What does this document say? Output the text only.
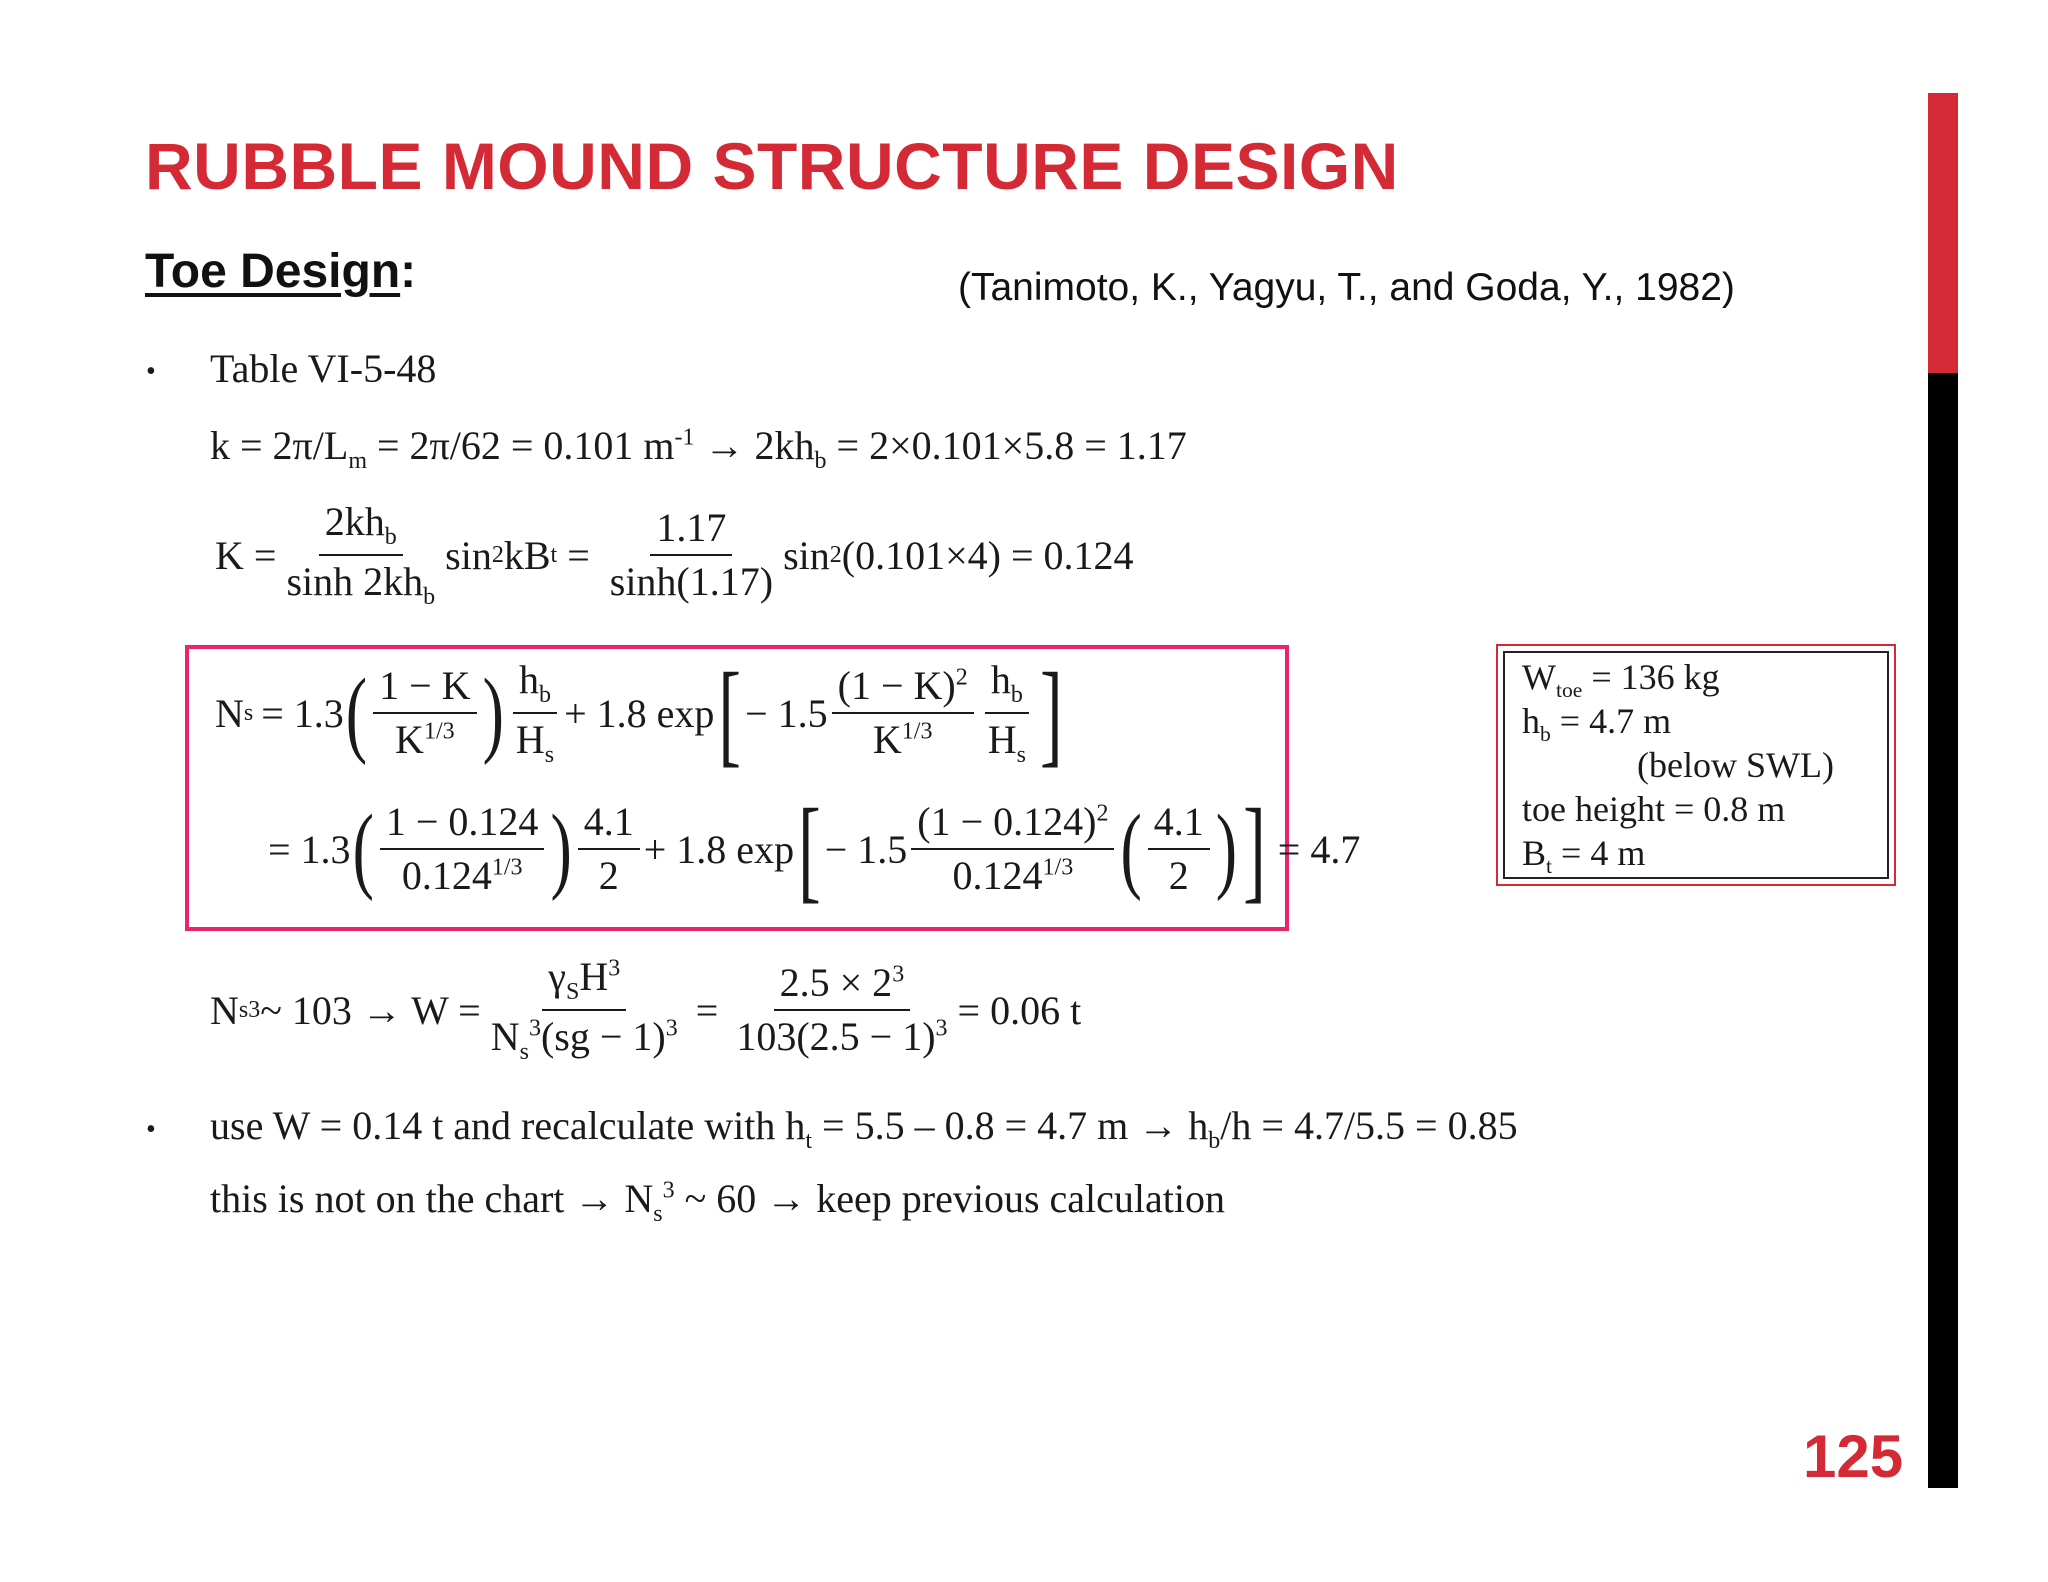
RUBBLE MOUND STRUCTURE DESIGN
Toe Design:	(Tanimoto, K., Yagyu, T., and Goda, Y., 1982)
• Table VI-5-48
$k = 2\pi/L_m = 2\pi/62 = 0.101$ $m^{-1} \to 2kh_b = 2\times 0.101\times 5.8 = 1.17$
$K = \frac{2kh_b}{\sinh 2kh_b}$ sin 2 kB $t = \frac{1.17}{\sinh(1.17)}$ sin 2 (0.101×4) = 0.124
N s = 1.3 ( $\frac{1 - K}{K^{1/3}}$ ) $\frac{h_b}{H_s} + 1.8$ exp [ − $1.5 \frac{(1 - K)^2}{K^{1/3}} \frac{h_b}{H_s}$ ]
= 1.3 ( $\frac{1 - 0.124}{0.124^{1/3}}$ ) $\frac{4.1}{2} + 1.8$ exp [ − $1.5 \frac{(1 - 0.124)^2}{0.124^{1/3}}$ ( $\frac{4.1}{2}$ ) ] = 4.7
$W_{toe} = 136$ kg
$h_b = 4.7$ m
(below SWL)
toe height = 0.8 m
$B_t = 4$ m
N s 3 ~ $103 \to W = \frac{\gamma_SH^3}{N_s^3(sg - 1)^3} = \frac{2.5 \times 2^3}{103(2.5 - 1)^3} = 0.06$ t
• use W = 0.14 t and recalculate with $h_t = 5.5 - 0.8 = 4.7$ $m \to h_b/h = 4.7/5.5 = 0.85$
this is not on the chart → $N_s^3$ ~ 60 → keep previous calculation
125
